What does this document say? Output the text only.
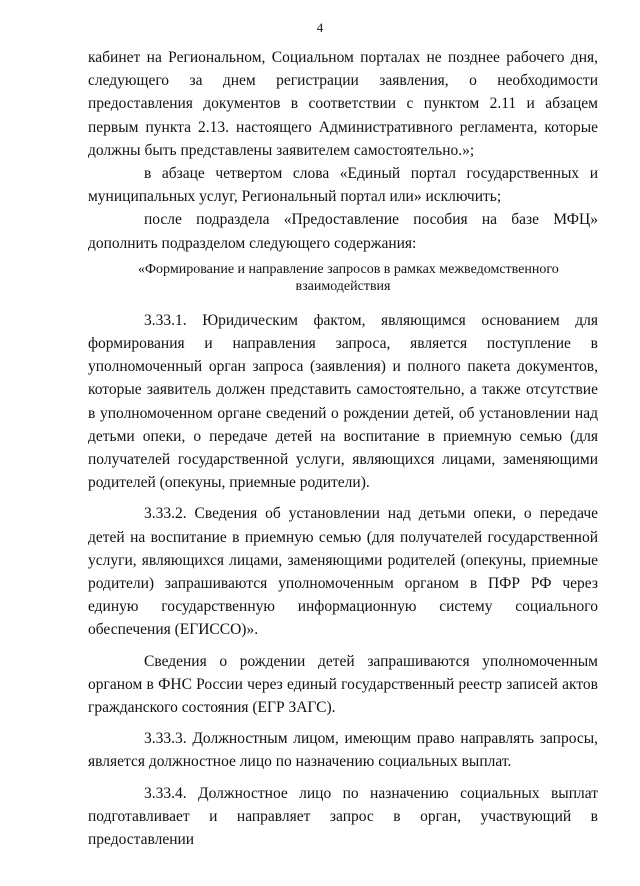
4

кабинет на Региональном, Социальном порталах не позднее рабочего дня, следующего за днем регистрации заявления, о необходимости предоставления документов в соответствии с пунктом 2.11 и абзацем первым пункта 2.13. настоящего Административного регламента, которые должны быть представлены заявителем самостоятельно.»;

в абзаце четвертом слова «Единый портал государственных и муниципальных услуг, Региональный портал или» исключить;

после подраздела «Предоставление пособия на базе МФЦ» дополнить подразделом следующего содержания:

«Формирование и направление запросов в рамках межведомственного
взаимодействия

3.33.1. Юридическим фактом, являющимся основанием для формирования и направления запроса, является поступление в уполномоченный орган запроса (заявления) и полного пакета документов, которые заявитель должен представить самостоятельно, а также отсутствие в уполномоченном органе сведений о рождении детей, об установлении над детьми опеки, о передаче детей на воспитание в приемную семью (для получателей государственной услуги, являющихся лицами, заменяющими родителей (опекуны, приемные родители).

3.33.2. Сведения об установлении над детьми опеки, о передаче детей на воспитание в приемную семью (для получателей государственной услуги, являющихся лицами, заменяющими родителей (опекуны, приемные родители) запрашиваются уполномоченным органом в ПФР РФ через единую государственную информационную систему социального обеспечения (ЕГИССО)».

Сведения о рождении детей запрашиваются уполномоченным органом в ФНС России через единый государственный реестр записей актов гражданского состояния (ЕГР ЗАГС).

3.33.3. Должностным лицом, имеющим право направлять запросы, является должностное лицо по назначению социальных выплат.

3.33.4. Должностное лицо по назначению социальных выплат подготавливает и направляет запрос в орган, участвующий в предоставлении
